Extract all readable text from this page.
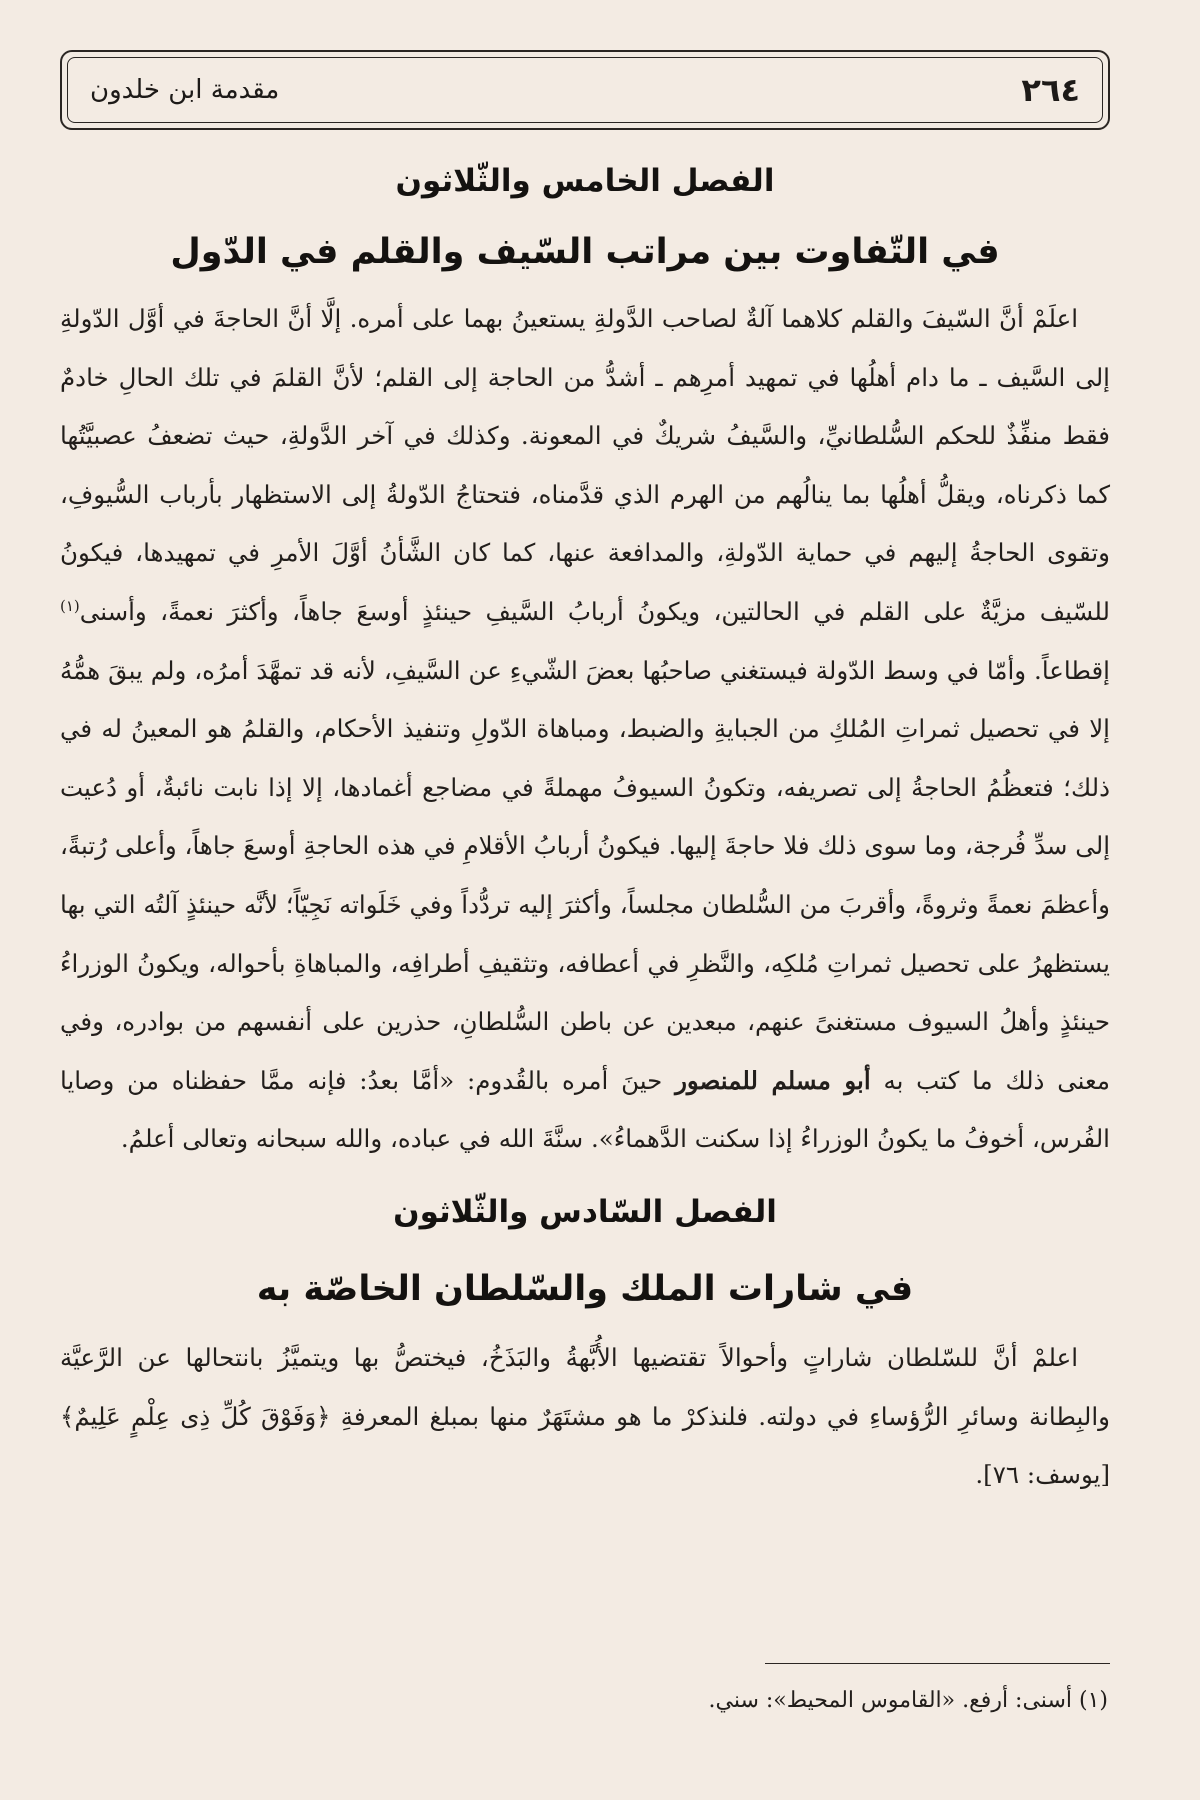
٢٦٤
مقدمة ابن خلدون
الفصل الخامس والثّلاثون
في التّفاوت بين مراتب السّيف والقلم في الدّول

اعلَمْ أنَّ السّيفَ والقلم كلاهما آلةٌ لصاحب الدَّولةِ يستعينُ بهما على أمره. إلَّا أنَّ الحاجةَ في أوَّل الدّولةِ إلى السَّيف ـ ما دام أهلُها في تمهيد أمرِهم ـ أشدُّ من الحاجة إلى القلم؛ لأنَّ القلمَ في تلك الحالِ خادمٌ فقط منفِّذٌ للحكم السُّلطانيِّ، والسَّيفُ شريكٌ في المعونة. وكذلك في آخر الدَّولةِ، حيث تضعفُ عصبيَّتُها كما ذكرناه، ويقلُّ أهلُها بما ينالُهم من الهرم الذي قدَّمناه، فتحتاجُ الدّولةُ إلى الاستظهار بأرباب السُّيوفِ، وتقوى الحاجةُ إليهم في حماية الدّولةِ، والمدافعة عنها، كما كان الشَّأنُ أوَّلَ الأمرِ في تمهيدها، فيكونُ للسّيف مزيَّةٌ على القلم في الحالتين، ويكونُ أربابُ السَّيفِ حينئذٍ أوسعَ جاهاً، وأكثرَ نعمةً، وأسنى$^{(١)}$ إقطاعاً. وأمّا في وسط الدّولة فيستغني صاحبُها بعضَ الشّيءِ عن السَّيفِ، لأنه قد تمهَّدَ أمرُه، ولم يبقَ همُّهُ إلا في تحصيل ثمراتِ المُلكِ من الجبايةِ والضبط، ومباهاة الدّولِ وتنفيذ الأحكام، والقلمُ هو المعينُ له في ذلك؛ فتعظُمُ الحاجةُ إلى تصريفه، وتكونُ السيوفُ مهملةً في مضاجع أغمادها، إلا إذا نابت نائبةٌ، أو دُعيت إلى سدِّ فُرجة، وما سوى ذلك فلا حاجةَ إليها. فيكونُ أربابُ الأقلامِ في هذه الحاجةِ أوسعَ جاهاً، وأعلى رُتبةً، وأعظمَ نعمةً وثروةً، وأقربَ من السُّلطان مجلساً، وأكثرَ إليه تردُّداً وفي خَلَواته نَجِيّاً؛ لأنَّه حينئذٍ آلتُه التي بها يستظهرُ على تحصيل ثمراتِ مُلكِه، والنَّظرِ في أعطافه، وتثقيفِ أطرافِه، والمباهاةِ بأحواله، ويكونُ الوزراءُ حينئذٍ وأهلُ السيوف مستغنىً عنهم، مبعدين عن باطن السُّلطانِ، حذرين على أنفسهم من بوادره، وفي معنى ذلك ما كتب به أبو مسلم للمنصور حينَ أمره بالقُدوم: «أمَّا بعدُ: فإنه ممَّا حفظناه من وصايا الفُرس، أخوفُ ما يكونُ الوزراءُ إذا سكنت الدَّهماءُ». سنَّةَ الله في عباده، والله سبحانه وتعالى أعلمُ.

الفصل السّادس والثّلاثون
في شارات الملك والسّلطان الخاصّة به

اعلمْ أنَّ للسّلطان شاراتٍ وأحوالاً تقتضيها الأُبَّهةُ والبَذَخُ، فيختصُّ بها ويتميَّزُ بانتحالها عن الرَّعيَّة والبِطانة وسائرِ الرُّؤساءِ في دولته. فلنذكرْ ما هو مشتَهَرٌ منها بمبلغ المعرفةِ ﴿وَفَوْقَ كُلِّ ذِى عِلْمٍ عَلِيمٌ﴾ [يوسف: ٧٦].

(١) أسنى: أرفع. «القاموس المحيط»: سني.
